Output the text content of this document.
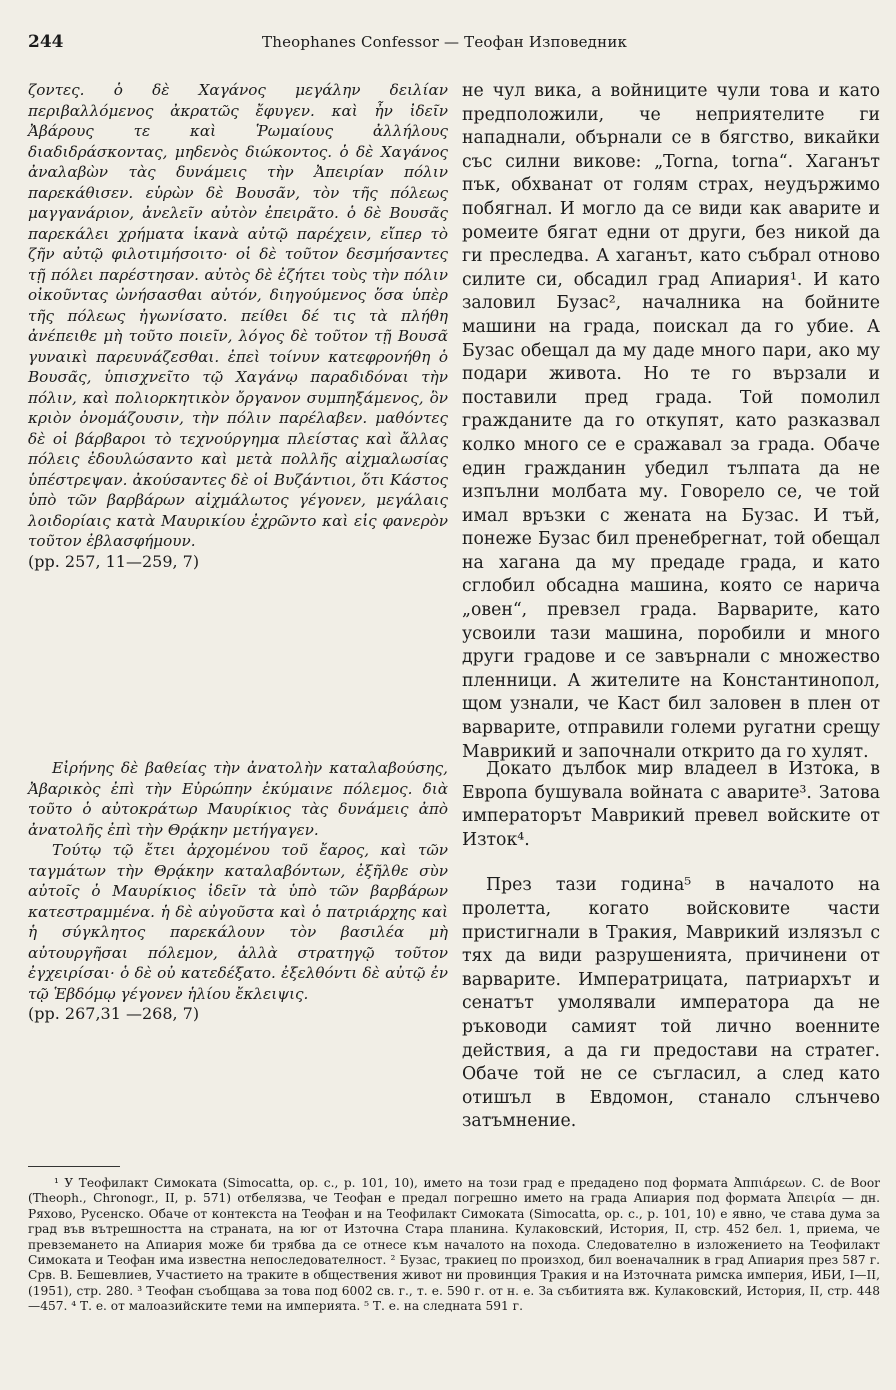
244	Theophanes Confessor — Теофан Изповедник

ζοντες. ὁ δὲ Χαγάνος μεγάλην δειλίαν περιβαλλόμενος ἀκρατῶς ἔφυγεν. καὶ ἦν ἰδεῖν Ἀβάρους τε καὶ Ῥωμαίους ἀλλήλους διαδιδράσκοντας, μηδενὸς διώκοντος. ὁ δὲ Χαγάνος ἀναλαβὼν τὰς δυνάμεις τὴν Ἀπειρίαν πόλιν παρεκάθισεν. εὑρὼν δὲ Βουσᾶν, τὸν τῆς πόλεως μαγγανάριον, ἀνελεῖν αὐτὸν ἐπειρᾶτο. ὁ δὲ Βουσᾶς παρεκάλει χρήματα ἱκανὰ αὐτῷ παρέχειν, εἴπερ τὸ ζῆν αὐτῷ φιλοτιμήσοιτο· οἱ δὲ τοῦτον δεσμήσαντες τῇ πόλει παρέστησαν. αὐτὸς δὲ ἐζήτει τοὺς τὴν πόλιν οἰκοῦντας ὠνήσασθαι αὐτόν, διηγούμενος ὅσα ὑπὲρ τῆς πόλεως ἠγωνίσατο. πείθει δέ τις τὰ πλήθη ἀνέπειθε μὴ τοῦτο ποιεῖν, λόγος δὲ τοῦτον τῇ Βουσᾶ γυναικὶ παρευνάζεσθαι. ἐπεὶ τοίνυν κατεφρονήθη ὁ Βουσᾶς, ὑπισχνεῖτο τῷ Χαγάνῳ παραδιδόναι τὴν πόλιν, καὶ πολιορκητικὸν ὄργανον συμπηξάμενος, ὃν κριὸν ὀνομάζουσιν, τὴν πόλιν παρέλαβεν. μαθόντες δὲ οἱ βάρβαροι τὸ τεχνούργημα πλείστας καὶ ἄλλας πόλεις ἐδουλώσαντο καὶ μετὰ πολλῆς αἰχμαλωσίας ὑπέστρεψαν. ἀκούσαντες δὲ οἱ Βυζάντιοι, ὅτι Κάστος ὑπὸ τῶν βαρβάρων αἰχμάλωτος γέγονεν, μεγάλαις λοιδορίαις κατὰ Μαυρικίου ἐχρῶντο καὶ εἰς φανερὸν τοῦτον ἐβλασφήμουν.

(pp. 257, 11—259, 7)

не чул вика, а войниците чули това и като предположили, че неприятелите ги нападнали, обърнали се в бягство, викайки със силни викове: „Torna, torna“. Хаганът пък, обхванат от голям страх, неудържимо побягнал. И могло да се види как аварите и ромеите бягат едни от други, без никой да ги преследва. А хаганът, като събрал отново силите си, обсадил град Апиария¹. И като заловил Бузас², началника на бойните машини на града, поискал да го убие. А Бузас обещал да му даде много пари, ако му подари живота. Но те го вързали и поставили пред града. Той помолил гражданите да го откупят, като разказвал колко много се е сражавал за града. Обаче един гражданин убедил тълпата да не изпълни молбата му. Говорело се, че той имал връзки с жената на Бузас. И тъй, понеже Бузас бил пренебрегнат, той обещал на хагана да му предаде града, и като сглобил обсадна машина, която се нарича „овен“, превзел града. Варварите, като усвоили тази машина, поробили и много други градове и се завърнали с множество пленници. А жителите на Константинопол, щом узнали, че Каст бил заловен в плен от варварите, отправили големи ругатни срещу Маврикий и започнали открито да го хулят.

Εἰρήνης δὲ βαθείας τὴν ἀνατολὴν καταλαβούσης, Ἀβαρικὸς ἐπὶ τὴν Εὐρώπην ἐκύμαινε πόλεμος. διὰ τοῦτο ὁ αὐτοκράτωρ Μαυρίκιος τὰς δυνάμεις ἀπὸ ἀνατολῆς ἐπὶ τὴν Θρᾴκην μετήγαγεν.

Τούτῳ τῷ ἔτει ἀρχομένου τοῦ ἔαρος, καὶ τῶν ταγμάτων τὴν Θρᾴκην καταλαβόντων, ἐξῆλθε σὺν αὐτοῖς ὁ Μαυρίκιος ἰδεῖν τὰ ὑπὸ τῶν βαρβάρων κατεστραμμένα. ἡ δὲ αὐγοῦστα καὶ ὁ πατριάρχης καὶ ἡ σύγκλητος παρεκάλουν τὸν βασιλέα μὴ αὐτουργῆσαι πόλεμον, ἀλλὰ στρατηγῷ τοῦτον ἐγχειρίσαι· ὁ δὲ οὐ κατεδέξατο. ἐξελθόντι δὲ αὐτῷ ἐν τῷ Ἑβδόμῳ γέγονεν ἡλίου ἔκλειψις.

(pp. 267,31 —268, 7)

Докато дълбок мир владеел в Изтока, в Европа бушувала войната с аварите³. Затова императорът Маврикий превел войските от Изток⁴.

През тази година⁵ в началото на пролетта, когато войсковите части пристигнали в Тракия, Маврикий излязъл с тях да види разрушенията, причинени от варварите. Императрицата, патриархът и сенатът умолявали императора да не ръководи самият той лично военните действия, а да ги предостави на стратег. Обаче той не се съгласил, а след като отишъл в Евдомон, станало слънчево затъмнение.

¹ У Теофилакт Симоката (Simocatta, op. c., p. 101, 10), името на този град е предадено под формата Ἀππιάρεων. C. de Boor (Theoph., Chronogr., II, p. 571) отбелязва, че Теофан е предал погрешно името на града Апиария под формата Ἀπειρία — дн. Ряхово, Русенско. Обаче от контекста на Теофан и на Теофилакт Симоката (Simocatta, op. c., p. 101, 10) е явно, че става дума за град във вътрешността на страната, на юг от Източна Стара планина. Кулаковский, История, II, стр. 452 бел. 1, приема, че превземането на Апиария може би трябва да се отнесе към началото на похода. Следователно в изложението на Теофилакт Симоката и Теофан има известна непоследователност. ² Бузас, тракиец по произход, бил военачалник в град Апиария през 587 г. Срв. В. Бешевлиев, Участието на траките в обществения живот ни провинция Тракия и на Източната римска империя, ИБИ, I—II, (1951), стр. 280. ³ Теофан съобщава за това под 6002 св. г., т. е. 590 г. от н. е. За събитията вж. Кулаковский, История, II, стр. 448—457. ⁴ Т. е. от малоазийските теми на империята. ⁵ Т. е. на следната 591 г.
